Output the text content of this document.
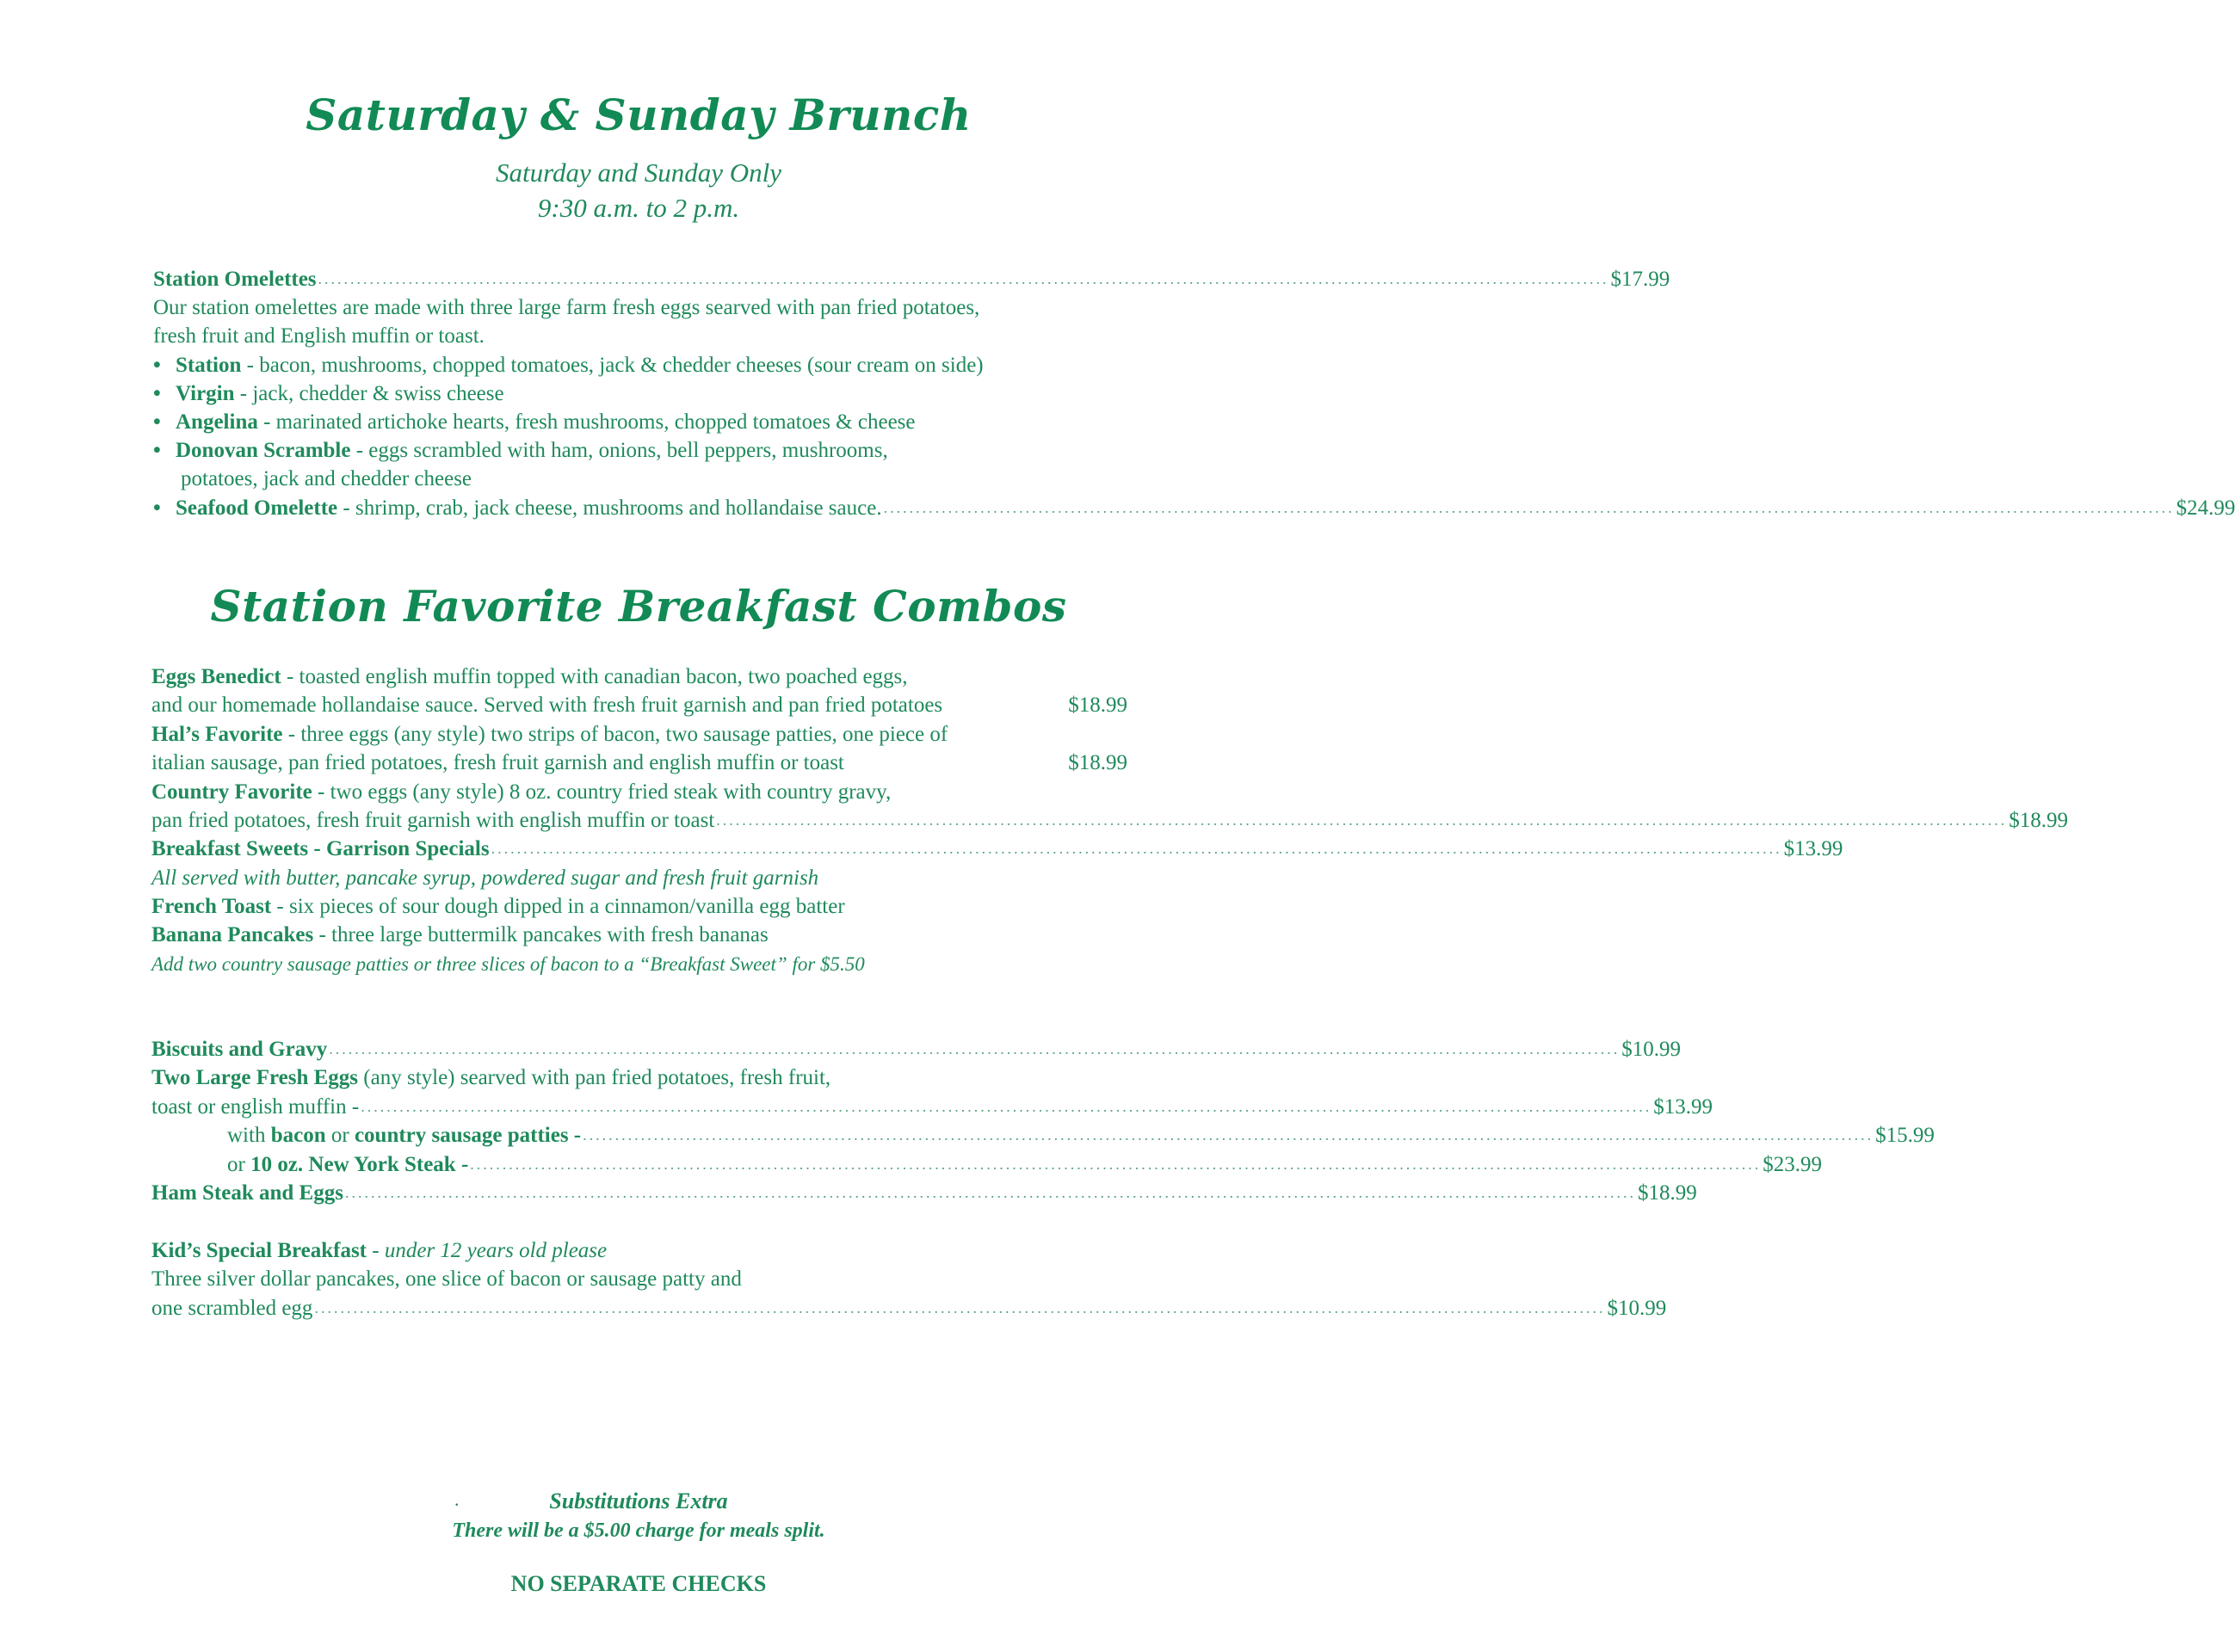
Saturday & Sunday Brunch
Saturday and Sunday Only
9:30 a.m. to 2 p.m.
Station Omelettes ........................................................................................................................................................................................................ $17.99
Our station omelettes are made with three large farm fresh eggs searved with pan fried potatoes,
fresh fruit and English muffin or toast.
• Station - bacon, mushrooms, chopped tomatoes, jack & chedder cheeses (sour cream on side)
• Virgin - jack, chedder & swiss cheese
• Angelina - marinated artichoke hearts, fresh mushrooms, chopped tomatoes & cheese
• Donovan Scramble - eggs scrambled with ham, onions, bell peppers, mushrooms,
potatoes, jack and chedder cheese
• Seafood Omelette - shrimp, crab, jack cheese, mushrooms and hollandaise sauce. ........................................................................................................................................................................................................ $24.99
Station Favorite Breakfast Combos
Eggs Benedict - toasted english muffin topped with canadian bacon, two poached eggs,
and our homemade hollandaise sauce. Served with fresh fruit garnish and pan fried potatoes	$18.99
Hal’s Favorite - three eggs (any style) two strips of bacon, two sausage patties, one piece of
italian sausage, pan fried potatoes, fresh fruit garnish and english muffin or toast	$18.99
Country Favorite - two eggs (any style) 8 oz. country fried steak with country gravy,
pan fried potatoes, fresh fruit garnish with english muffin or toast ........................................................................................................................................................................................................ $18.99
Breakfast Sweets - Garrison Specials ........................................................................................................................................................................................................ $13.99
All served with butter, pancake syrup, powdered sugar and fresh fruit garnish
French Toast - six pieces of sour dough dipped in a cinnamon/vanilla egg batter
Banana Pancakes - three large buttermilk pancakes with fresh bananas
Add two country sausage patties or three slices of bacon to a “Breakfast Sweet” for $5.50
Biscuits and Gravy ........................................................................................................................................................................................................ $10.99
Two Large Fresh Eggs (any style) searved with pan fried potatoes, fresh fruit,
toast or english muffin - ........................................................................................................................................................................................................ $13.99
with bacon or country sausage patties - ........................................................................................................................................................................................................ $15.99
or 10 oz. New York Steak - ........................................................................................................................................................................................................ $23.99
Ham Steak and Eggs ........................................................................................................................................................................................................ $18.99
Kid’s Special Breakfast - under 12 years old please
Three silver dollar pancakes, one slice of bacon or sausage patty and
one scrambled egg ........................................................................................................................................................................................................ $10.99
.	Substitutions Extra
There will be a $5.00 charge for meals split.
NO SEPARATE CHECKS
